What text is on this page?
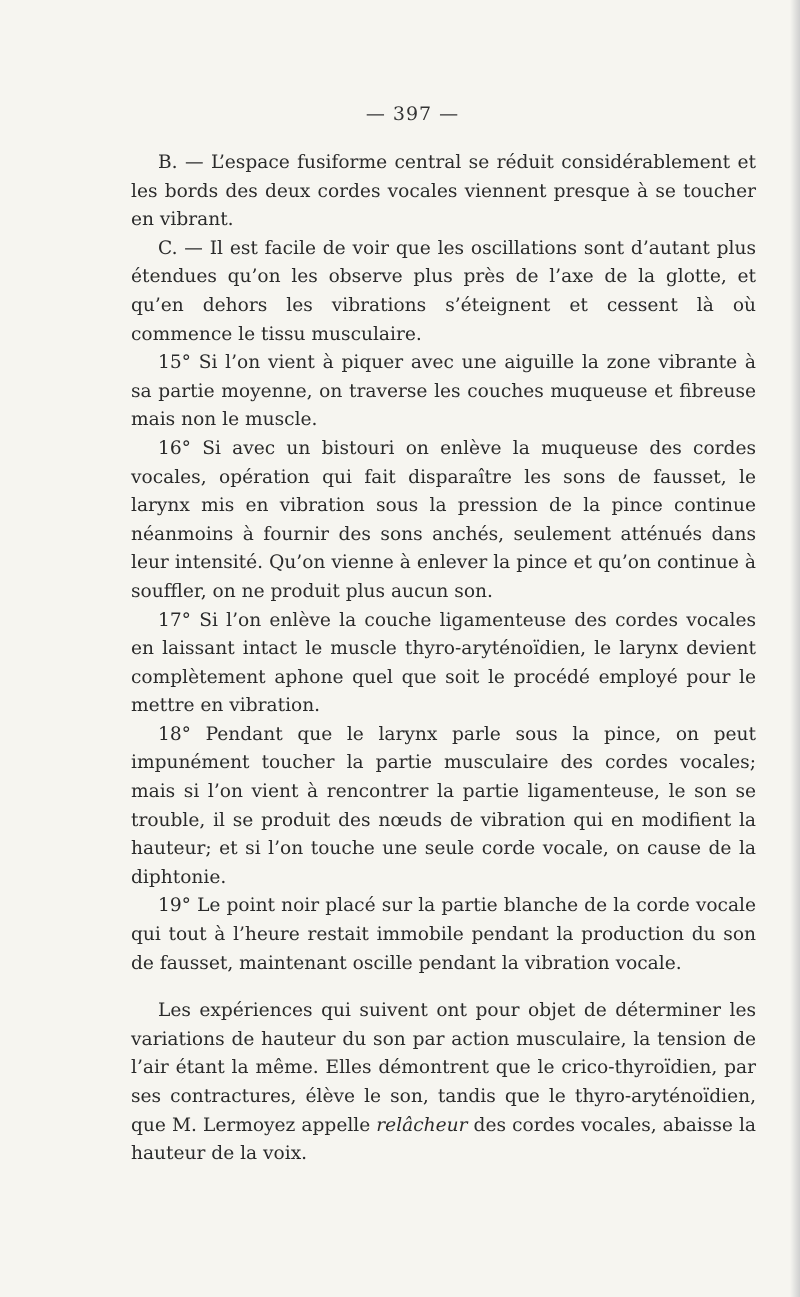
— 397 —

B. — L’espace fusiforme central se réduit considérablement et les bords des deux cordes vocales viennent presque à se toucher en vibrant.

C. — Il est facile de voir que les oscillations sont d’autant plus étendues qu’on les observe plus près de l’axe de la glotte, et qu’en dehors les vibrations s’éteignent et cessent là où commence le tissu musculaire.

15° Si l’on vient à piquer avec une aiguille la zone vibrante à sa partie moyenne, on traverse les couches muqueuse et fibreuse mais non le muscle.

16° Si avec un bistouri on enlève la muqueuse des cordes vocales, opération qui fait disparaître les sons de fausset, le larynx mis en vibration sous la pression de la pince continue néanmoins à fournir des sons anchés, seulement atténués dans leur intensité. Qu’on vienne à enlever la pince et qu’on continue à souffler, on ne produit plus aucun son.

17° Si l’on enlève la couche ligamenteuse des cordes vocales en laissant intact le muscle thyro-aryténoïdien, le larynx devient complètement aphone quel que soit le procédé employé pour le mettre en vibration.

18° Pendant que le larynx parle sous la pince, on peut impunément toucher la partie musculaire des cordes vocales; mais si l’on vient à rencontrer la partie ligamenteuse, le son se trouble, il se produit des nœuds de vibration qui en modifient la hauteur; et si l’on touche une seule corde vocale, on cause de la diphtonie.

19° Le point noir placé sur la partie blanche de la corde vocale qui tout à l’heure restait immobile pendant la production du son de fausset, maintenant oscille pendant la vibration vocale.

Les expériences qui suivent ont pour objet de déterminer les variations de hauteur du son par action musculaire, la tension de l’air étant la même. Elles démontrent que le crico-thyroïdien, par ses contractures, élève le son, tandis que le thyro-aryténoïdien, que M. Lermoyez appelle relâcheur des cordes vocales, abaisse la hauteur de la voix.
